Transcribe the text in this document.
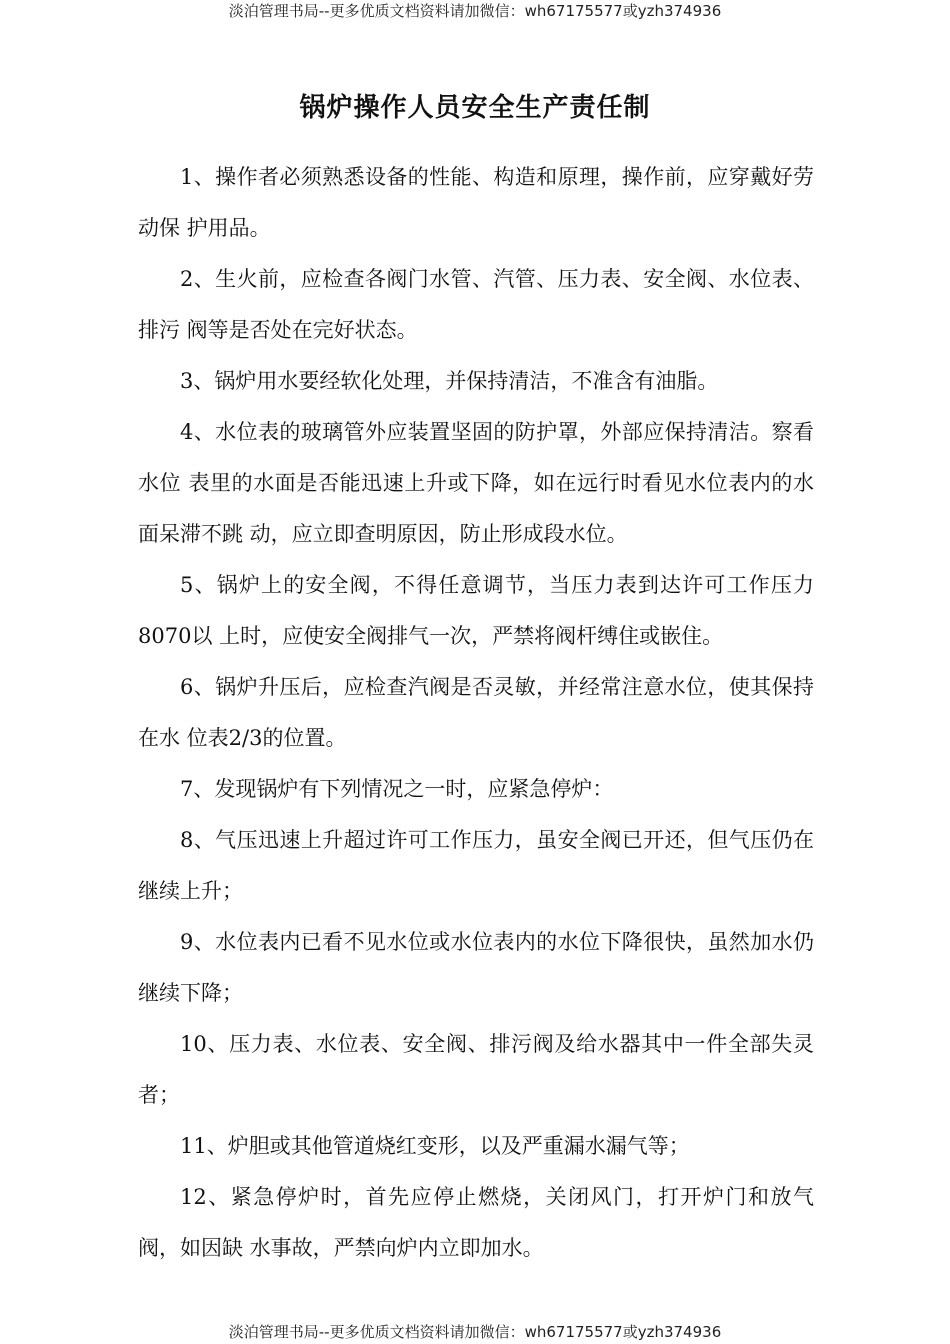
淡泊管理书局--更多优质文档资料请加微信：wh67175577或yzh374936
锅炉操作人员安全生产责任制

1、操作者必须熟悉设备的性能、构造和原理，操作前，应穿戴好劳动保 护用品。

2、生火前，应检查各阀门水管、汽管、压力表、安全阀、水位表、排污 阀等是否处在完好状态。

3、锅炉用水要经软化处理，并保持清洁，不准含有油脂。

4、水位表的玻璃管外应装置坚固的防护罩，外部应保持清洁。察看水位 表里的水面是否能迅速上升或下降，如在远行时看见水位表内的水面呆滞不跳 动，应立即查明原因，防止形成段水位。

5、锅炉上的安全阀，不得任意调节，当压力表到达许可工作压力8070以 上时，应使安全阀排气一次，严禁将阀杆缚住或嵌住。

6、锅炉升压后，应检查汽阀是否灵敏，并经常注意水位，使其保持在水 位表2/3的位置。

7、发现锅炉有下列情况之一时，应紧急停炉：

8、气压迅速上升超过许可工作压力，虽安全阀已开还，但气压仍在继续上升；

9、水位表内已看不见水位或水位表内的水位下降很快，虽然加水仍继续下降；

10、压力表、水位表、安全阀、排污阀及给水器其中一件全部失灵者；

11、炉胆或其他管道烧红变形，以及严重漏水漏气等；

12、紧急停炉时，首先应停止燃烧，关闭风门，打开炉门和放气阀，如因缺 水事故，严禁向炉内立即加水。

淡泊管理书局--更多优质文档资料请加微信：wh67175577或yzh374936
